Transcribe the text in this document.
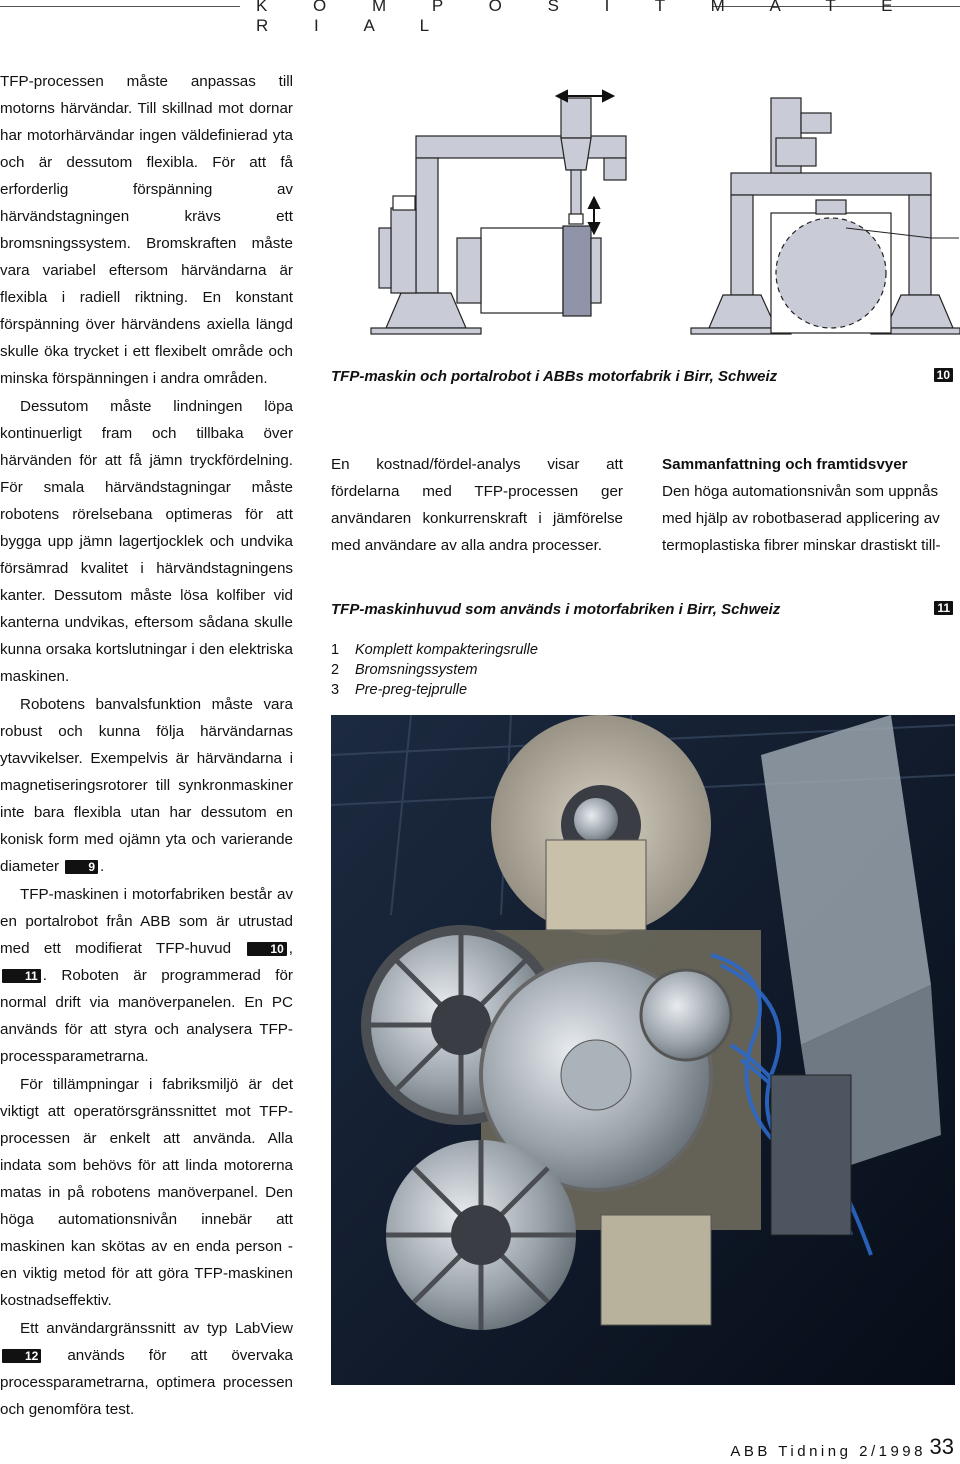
K O M P O S I T M A T E R I A L

TFP-processen måste anpassas till motorns härvändar. Till skillnad mot dornar har motorhärvändar ingen väldefinierad yta och är dessutom flexibla. För att få erforderlig förspänning av härvändstagningen krävs ett bromsningssystem. Bromskraften måste vara variabel eftersom härvändarna är flexibla i radiell riktning. En konstant förspänning över härvändens axiella längd skulle öka trycket i ett flexibelt område och minska förspänningen i andra områden.

Dessutom måste lindningen löpa kontinuerligt fram och tillbaka över härvänden för att få jämn tryckfördelning. För smala härvändstagningar måste robotens rörelsebana optimeras för att bygga upp jämn lagertjocklek och undvika försämrad kvalitet i härvändstagningens kanter. Dessutom måste lösa kolfiber vid kanterna undvikas, eftersom sådana skulle kunna orsaka kortslutningar i den elektriska maskinen.

Robotens banvalsfunktion måste vara robust och kunna följa härvändarnas ytavvikelser. Exempelvis är härvändarna i magnetiseringsrotorer till synkronmaskiner inte bara flexibla utan har dessutom en konisk form med ojämn yta och varierande diameter 9 .

TFP-maskinen i motorfabriken består av en portalrobot från ABB som är utrustad med ett modifierat TFP-huvud 10 , 11 . Roboten är programmerad för normal drift via manöverpanelen. En PC används för att styra och analysera TFP-processparametrarna.

För tillämpningar i fabriksmiljö är det viktigt att operatörsgränssnittet mot TFP-processen är enkelt att använda. Alla indata som behövs för att linda motorerna matas in på robotens manöverpanel. Den höga automationsnivån innebär att maskinen kan skötas av en enda person - en viktig metod för att göra TFP-maskinen kostnadseffektiv.

Ett användargränssnitt av typ LabView 12 används för att övervaka processparametrarna, optimera processen och genomföra test.

TFP-maskin och portalrobot i ABBs motorfabrik i Birr, Schweiz	10
En kostnad/fördel-analys visar att fördelarna med TFP-processen ger användaren konkurrenskraft i jämförelse med användare av alla andra processer.
Sammanfattning och framtidsvyer

Den höga automationsnivån som uppnås med hjälp av robotbaserad applicering av termoplastiska fibrer minskar drastiskt till-

TFP-maskinhuvud som används i motorfabriken i Birr, Schweiz	11
1 Komplett kompakteringsrulle
2 Bromsningssystem
3 Pre-preg-tejprulle
ABB Tidning 2/1998 33
